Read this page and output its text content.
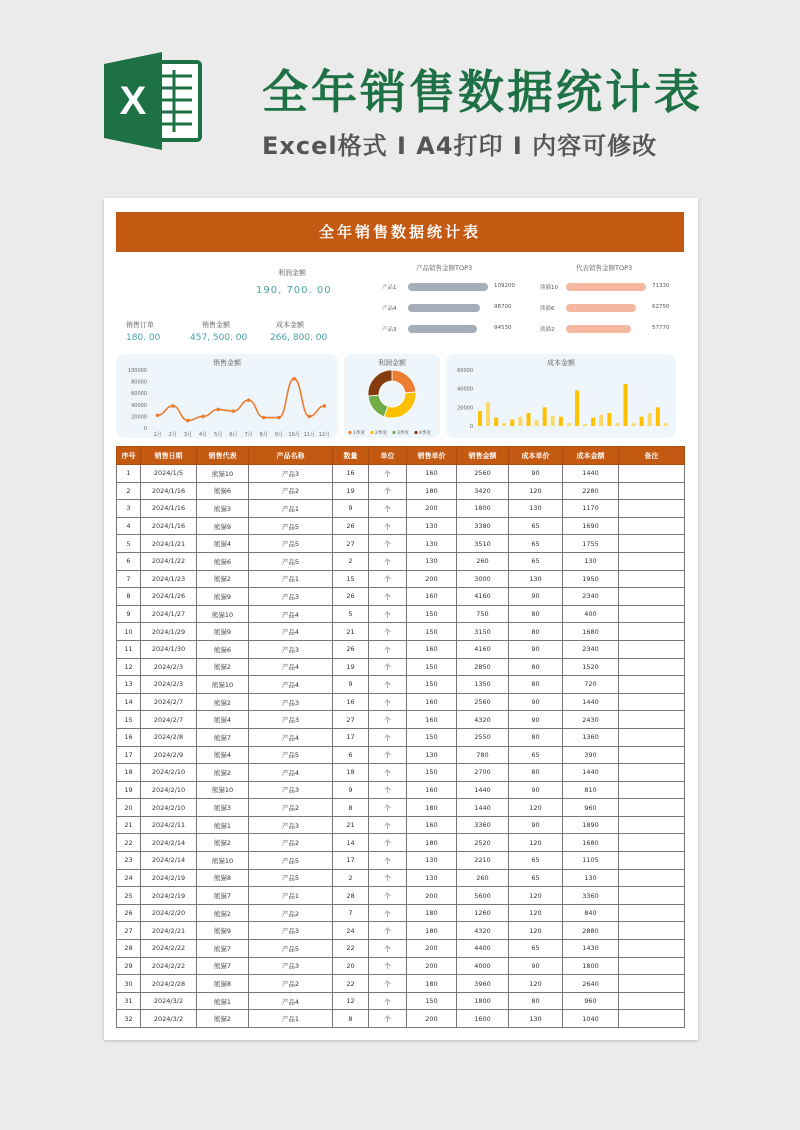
X	全年销售数据统计表
Excel格式 I A4打印 I 内容可修改
全年销售数据统计表
利润金额
190, 700. 00
销售订单
180. 00
销售金额
457, 500. 00
成本金额
266, 800. 00
产品销售金额TOP3
产品1	109200
产品4	98700
产品3	94530
代表销售金额TOP3
熊猫10	71330
熊猫6	62750
熊猫2	57770
销售金额
100000
80000
60000
40000
20000
0
1月 2月 3月 4月 5月 6月 7月 8月 9月 10月 11月 12月
利润金额
1季度 2季度 3季度 4季度
成本金额
60000
40000
20000
0
序号	销售日期	销售代表	产品名称	数量	单位	销售单价	销售金额	成本单价	成本金额	备注
1	2024/1/5	熊猫10	产品3	16	个	160	2560	90	1440	
2	2024/1/16	熊猫6	产品2	19	个	180	3420	120	2280	
3	2024/1/16	熊猫3	产品1	9	个	200	1800	130	1170	
4	2024/1/16	熊猫9	产品5	26	个	130	3380	65	1690	
5	2024/1/21	熊猫4	产品5	27	个	130	3510	65	1755	
6	2024/1/22	熊猫6	产品5	2	个	130	260	65	130	
7	2024/1/23	熊猫2	产品1	15	个	200	3000	130	1950	
8	2024/1/26	熊猫9	产品3	26	个	160	4160	90	2340	
9	2024/1/27	熊猫10	产品4	5	个	150	750	80	400	
10	2024/1/29	熊猫9	产品4	21	个	150	3150	80	1680	
11	2024/1/30	熊猫6	产品3	26	个	160	4160	90	2340	
12	2024/2/3	熊猫2	产品4	19	个	150	2850	80	1520	
13	2024/2/3	熊猫10	产品4	9	个	150	1350	80	720	
14	2024/2/7	熊猫2	产品3	16	个	160	2560	90	1440	
15	2024/2/7	熊猫4	产品3	27	个	160	4320	90	2430	
16	2024/2/8	熊猫7	产品4	17	个	150	2550	80	1360	
17	2024/2/9	熊猫4	产品5	6	个	130	780	65	390	
18	2024/2/10	熊猫2	产品4	18	个	150	2700	80	1440	
19	2024/2/10	熊猫10	产品3	9	个	160	1440	90	810	
20	2024/2/10	熊猫3	产品2	8	个	180	1440	120	960	
21	2024/2/11	熊猫1	产品3	21	个	160	3360	90	1890	
22	2024/2/14	熊猫2	产品2	14	个	180	2520	120	1680	
23	2024/2/14	熊猫10	产品5	17	个	130	2210	65	1105	
24	2024/2/19	熊猫8	产品5	2	个	130	260	65	130	
25	2024/2/19	熊猫7	产品1	28	个	200	5600	120	3360	
26	2024/2/20	熊猫2	产品2	7	个	180	1260	120	840	
27	2024/2/21	熊猫9	产品3	24	个	180	4320	120	2880	
28	2024/2/22	熊猫7	产品5	22	个	200	4400	65	1430	
29	2024/2/22	熊猫7	产品3	20	个	200	4000	90	1800	
30	2024/2/28	熊猫8	产品2	22	个	180	3960	120	2640	
31	2024/3/2	熊猫1	产品4	12	个	150	1800	80	960	
32	2024/3/2	熊猫2	产品1	8	个	200	1600	130	1040	
